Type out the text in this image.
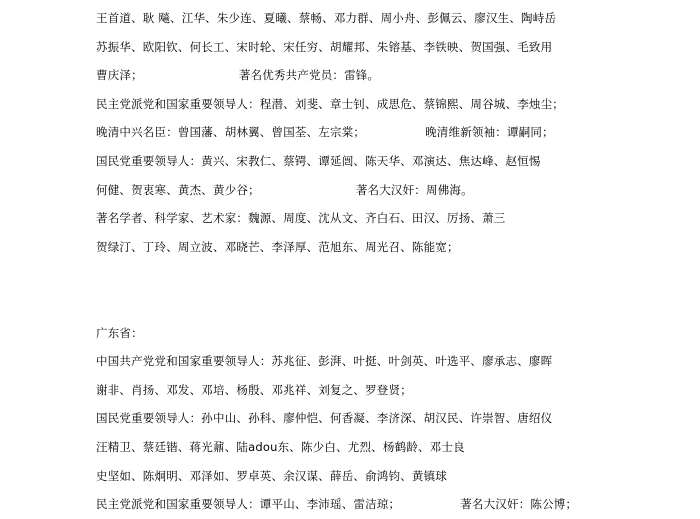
王首道、耿 飚、江华、朱少连、夏曦、蔡畅、邓力群、周小舟、彭佩云、廖汉生、陶峙岳
苏振华、欧阳钦、何长工、宋时轮、宋任穷、胡耀邦、朱镕基、李铁映、贺国强、毛致用
曹庆泽；	著名优秀共产党员：雷锋。
民主党派党和国家重要领导人：程潜、刘斐、章士钊、成思危、蔡锦熙、周谷城、李烛尘；
晚清中兴名臣：曾国藩、胡林翼、曾国荃、左宗棠；	晚清维新领袖：谭嗣同；
国民党重要领导人：黄兴、宋教仁、蔡锷、谭延闿、陈天华、邓演达、焦达峰、赵恒惕
何健、贺衷寒、黄杰、黄少谷；	著名大汉奸：周佛海。
著名学者、科学家、艺术家：魏源、周度、沈从文、齐白石、田汉、厉扬、萧三
贺绿汀、丁玲、周立波、邓晓芒、李泽厚、范旭东、周光召、陈能宽；
广东省：
中国共产党党和国家重要领导人：苏兆征、彭湃、叶挺、叶剑英、叶选平、廖承志、廖晖
谢非、肖扬、邓发、邓培、杨殷、邓兆祥、刘复之、罗登贤；
国民党重要领导人：孙中山、孙科、廖仲恺、何香凝、李济深、胡汉民、许崇智、唐绍仪
汪精卫、蔡廷锴、蒋光鼐、陆adou东、陈少白、尤烈、杨鹤龄、邓士良
史坚如、陈炯明、邓泽如、罗卓英、余汉谋、薛岳、俞鸿钧、黄镇球
民主党派党和国家重要领导人：谭平山、李沛瑶、雷洁琼；	著名大汉奸：陈公博；
